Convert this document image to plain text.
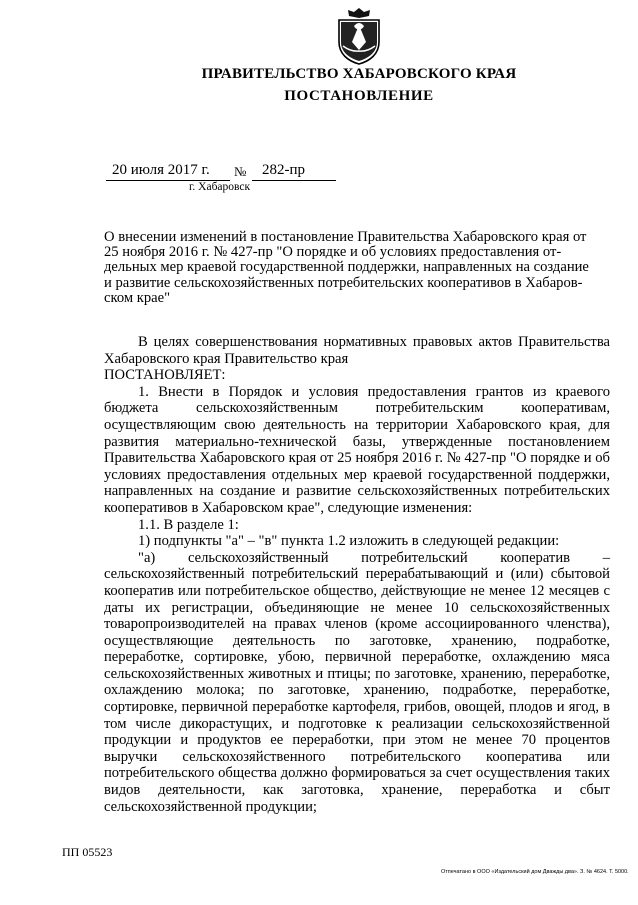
ПРАВИТЕЛЬСТВО ХАБАРОВСКОГО КРАЯ
ПОСТАНОВЛЕНИЕ
20 июля 2017 г. № 282-пр
г. Хабаровск
О внесении изменений в постановление Правительства Хабаровского края от
25 ноября 2016 г. № 427-пр "О порядке и об условиях предоставления от-
дельных мер краевой государственной поддержки, направленных на создание
и развитие сельскохозяйственных потребительских кооперативов в Хабаров-
ском крае"

В целях совершенствования нормативных правовых актов Правительства Хабаровского края Правительство края

ПОСТАНОВЛЯЕТ:

1. Внести в Порядок и условия предоставления грантов из краевого бюджета сельскохозяйственным потребительским кооперативам, осуществляющим свою деятельность на территории Хабаровского края, для развития материально-технической базы, утвержденные постановлением Правительства Хабаровского края от 25 ноября 2016 г. № 427-пр "О порядке и об условиях предоставления отдельных мер краевой государственной поддержки, направленных на создание и развитие сельскохозяйственных потребительских кооперативов в Хабаровском крае", следующие изменения:

1.1. В разделе 1:

1) подпункты "а" – "в" пункта 1.2 изложить в следующей редакции:

"а) сельскохозяйственный потребительский кооператив – сельскохозяйственный потребительский перерабатывающий и (или) сбытовой кооператив или потребительское общество, действующие не менее 12 месяцев с даты их регистрации, объединяющие не менее 10 сельскохозяйственных товаропроизводителей на правах членов (кроме ассоциированного членства), осуществляющие деятельность по заготовке, хранению, подработке, переработке, сортировке, убою, первичной переработке, охлаждению мяса сельскохозяйственных животных и птицы; по заготовке, хранению, переработке, охлаждению молока; по заготовке, хранению, подработке, переработке, сортировке, первичной переработке картофеля, грибов, овощей, плодов и ягод, в том числе дикорастущих, и подготовке к реализации сельскохозяйственной продукции и продуктов ее переработки, при этом не менее 70 процентов выручки сельскохозяйственного потребительского кооператива или потребительского общества должно формироваться за счет осуществления таких видов деятельности, как заготовка, хранение, переработка и сбыт сельскохозяйственной продукции;

ПП 05523
Отпечатано в ООО «Издательский дом Дважды два». З. № 4624. Т. 5000.
